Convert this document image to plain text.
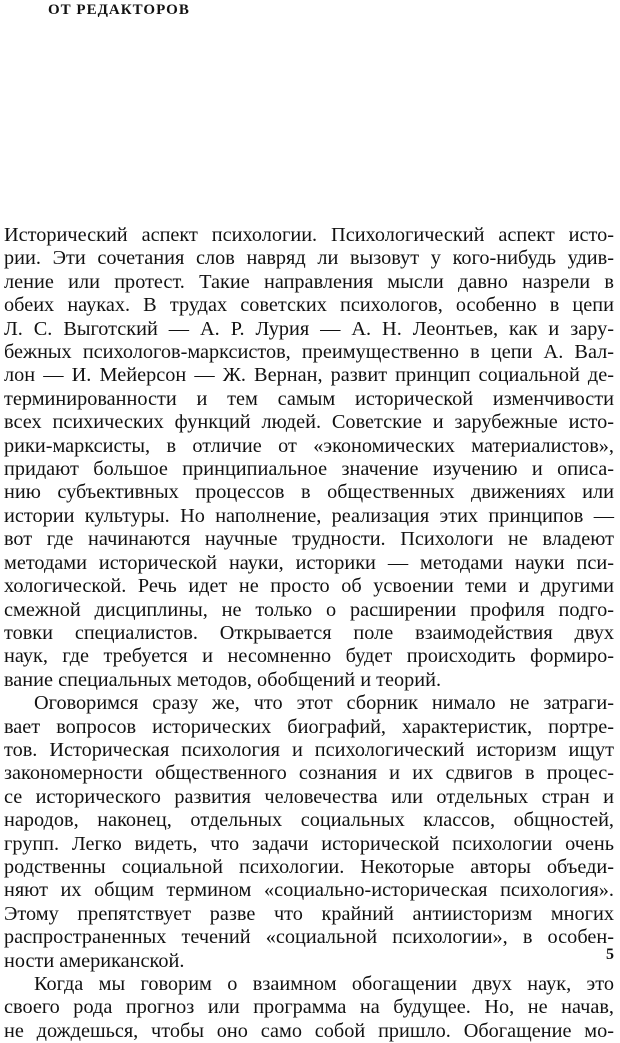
ОТ РЕДАКТОРОВ
Исторический аспект психологии. Психологический аспект исто-
рии. Эти сочетания слов навряд ли вызовут у кого-нибудь удив-
ление или протест. Такие направления мысли давно назрели в
обеих науках. В трудах советских психологов, особенно в цепи
Л. С. Выготский — А. Р. Лурия — А. Н. Леонтьев, как и зару-
бежных психологов-марксистов, преимущественно в цепи А. Вал-
лон — И. Мейерсон — Ж. Вернан, развит принцип социальной де-
терминированности и тем самым исторической изменчивости
всех психических функций людей. Советские и зарубежные исто-
рики-марксисты, в отличие от «экономических материалистов»,
придают большое принципиальное значение изучению и описа-
нию субъективных процессов в общественных движениях или
истории культуры. Но наполнение, реализация этих принципов —
вот где начинаются научные трудности. Психологи не владеют
методами исторической науки, историки — методами науки пси-
хологической. Речь идет не просто об усвоении теми и другими
смежной дисциплины, не только о расширении профиля подго-
товки специалистов. Открывается поле взаимодействия двух
наук, где требуется и несомненно будет происходить формиро-
вание специальных методов, обобщений и теорий.
Оговоримся сразу же, что этот сборник нимало не затраги-
вает вопросов исторических биографий, характеристик, портре-
тов. Историческая психология и психологический историзм ищут
закономерности общественного сознания и их сдвигов в процес-
се исторического развития человечества или отдельных стран и
народов, наконец, отдельных социальных классов, общностей,
групп. Легко видеть, что задачи исторической психологии очень
родственны социальной психологии. Некоторые авторы объеди-
няют их общим термином «социально-историческая психология».
Этому препятствует разве что крайний антиисторизм многих
распространенных течений «социальной психологии», в особен-
ности американской.
Когда мы говорим о взаимном обогащении двух наук, это
своего рода прогноз или программа на будущее. Но, не начав,
не дождешься, чтобы оно само собой пришло. Обогащение мо-
5
